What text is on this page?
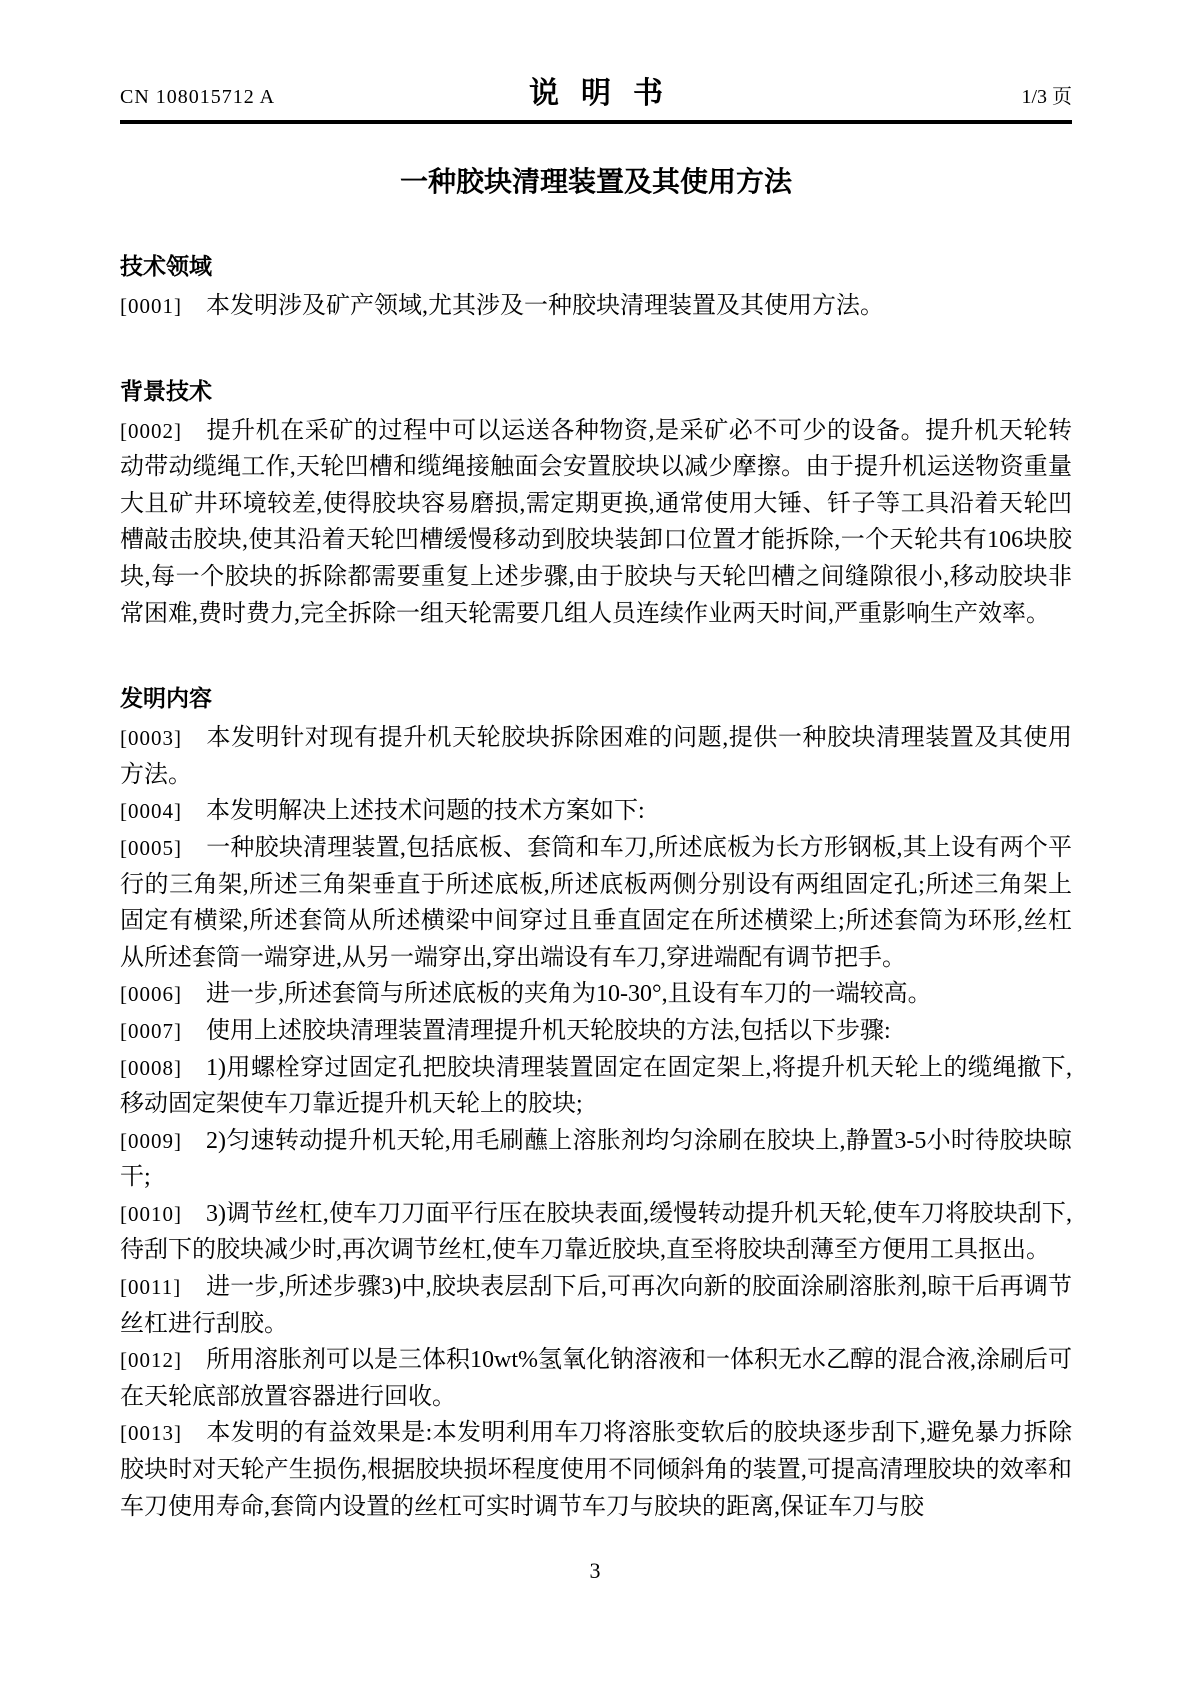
CN 108015712 A	说明书	1/3 页
一种胶块清理装置及其使用方法
技术领域

[0001] 本发明涉及矿产领域,尤其涉及一种胶块清理装置及其使用方法。

背景技术

[0002] 提升机在采矿的过程中可以运送各种物资,是采矿必不可少的设备。提升机天轮转动带动缆绳工作,天轮凹槽和缆绳接触面会安置胶块以减少摩擦。由于提升机运送物资重量大且矿井环境较差,使得胶块容易磨损,需定期更换,通常使用大锤、钎子等工具沿着天轮凹槽敲击胶块,使其沿着天轮凹槽缓慢移动到胶块装卸口位置才能拆除,一个天轮共有106块胶块,每一个胶块的拆除都需要重复上述步骤,由于胶块与天轮凹槽之间缝隙很小,移动胶块非常困难,费时费力,完全拆除一组天轮需要几组人员连续作业两天时间,严重影响生产效率。

发明内容

[0003] 本发明针对现有提升机天轮胶块拆除困难的问题,提供一种胶块清理装置及其使用方法。

[0004] 本发明解决上述技术问题的技术方案如下:

[0005] 一种胶块清理装置,包括底板、套筒和车刀,所述底板为长方形钢板,其上设有两个平行的三角架,所述三角架垂直于所述底板,所述底板两侧分别设有两组固定孔;所述三角架上固定有横梁,所述套筒从所述横梁中间穿过且垂直固定在所述横梁上;所述套筒为环形,丝杠从所述套筒一端穿进,从另一端穿出,穿出端设有车刀,穿进端配有调节把手。

[0006] 进一步,所述套筒与所述底板的夹角为10-30°,且设有车刀的一端较高。

[0007] 使用上述胶块清理装置清理提升机天轮胶块的方法,包括以下步骤:

[0008] 1)用螺栓穿过固定孔把胶块清理装置固定在固定架上,将提升机天轮上的缆绳撤下,移动固定架使车刀靠近提升机天轮上的胶块;

[0009] 2)匀速转动提升机天轮,用毛刷蘸上溶胀剂均匀涂刷在胶块上,静置3-5小时待胶块晾干;

[0010] 3)调节丝杠,使车刀刀面平行压在胶块表面,缓慢转动提升机天轮,使车刀将胶块刮下,待刮下的胶块减少时,再次调节丝杠,使车刀靠近胶块,直至将胶块刮薄至方便用工具抠出。

[0011] 进一步,所述步骤3)中,胶块表层刮下后,可再次向新的胶面涂刷溶胀剂,晾干后再调节丝杠进行刮胶。

[0012] 所用溶胀剂可以是三体积10wt%氢氧化钠溶液和一体积无水乙醇的混合液,涂刷后可在天轮底部放置容器进行回收。

[0013] 本发明的有益效果是:本发明利用车刀将溶胀变软后的胶块逐步刮下,避免暴力拆除胶块时对天轮产生损伤,根据胶块损坏程度使用不同倾斜角的装置,可提高清理胶块的效率和车刀使用寿命,套筒内设置的丝杠可实时调节车刀与胶块的距离,保证车刀与胶

3
